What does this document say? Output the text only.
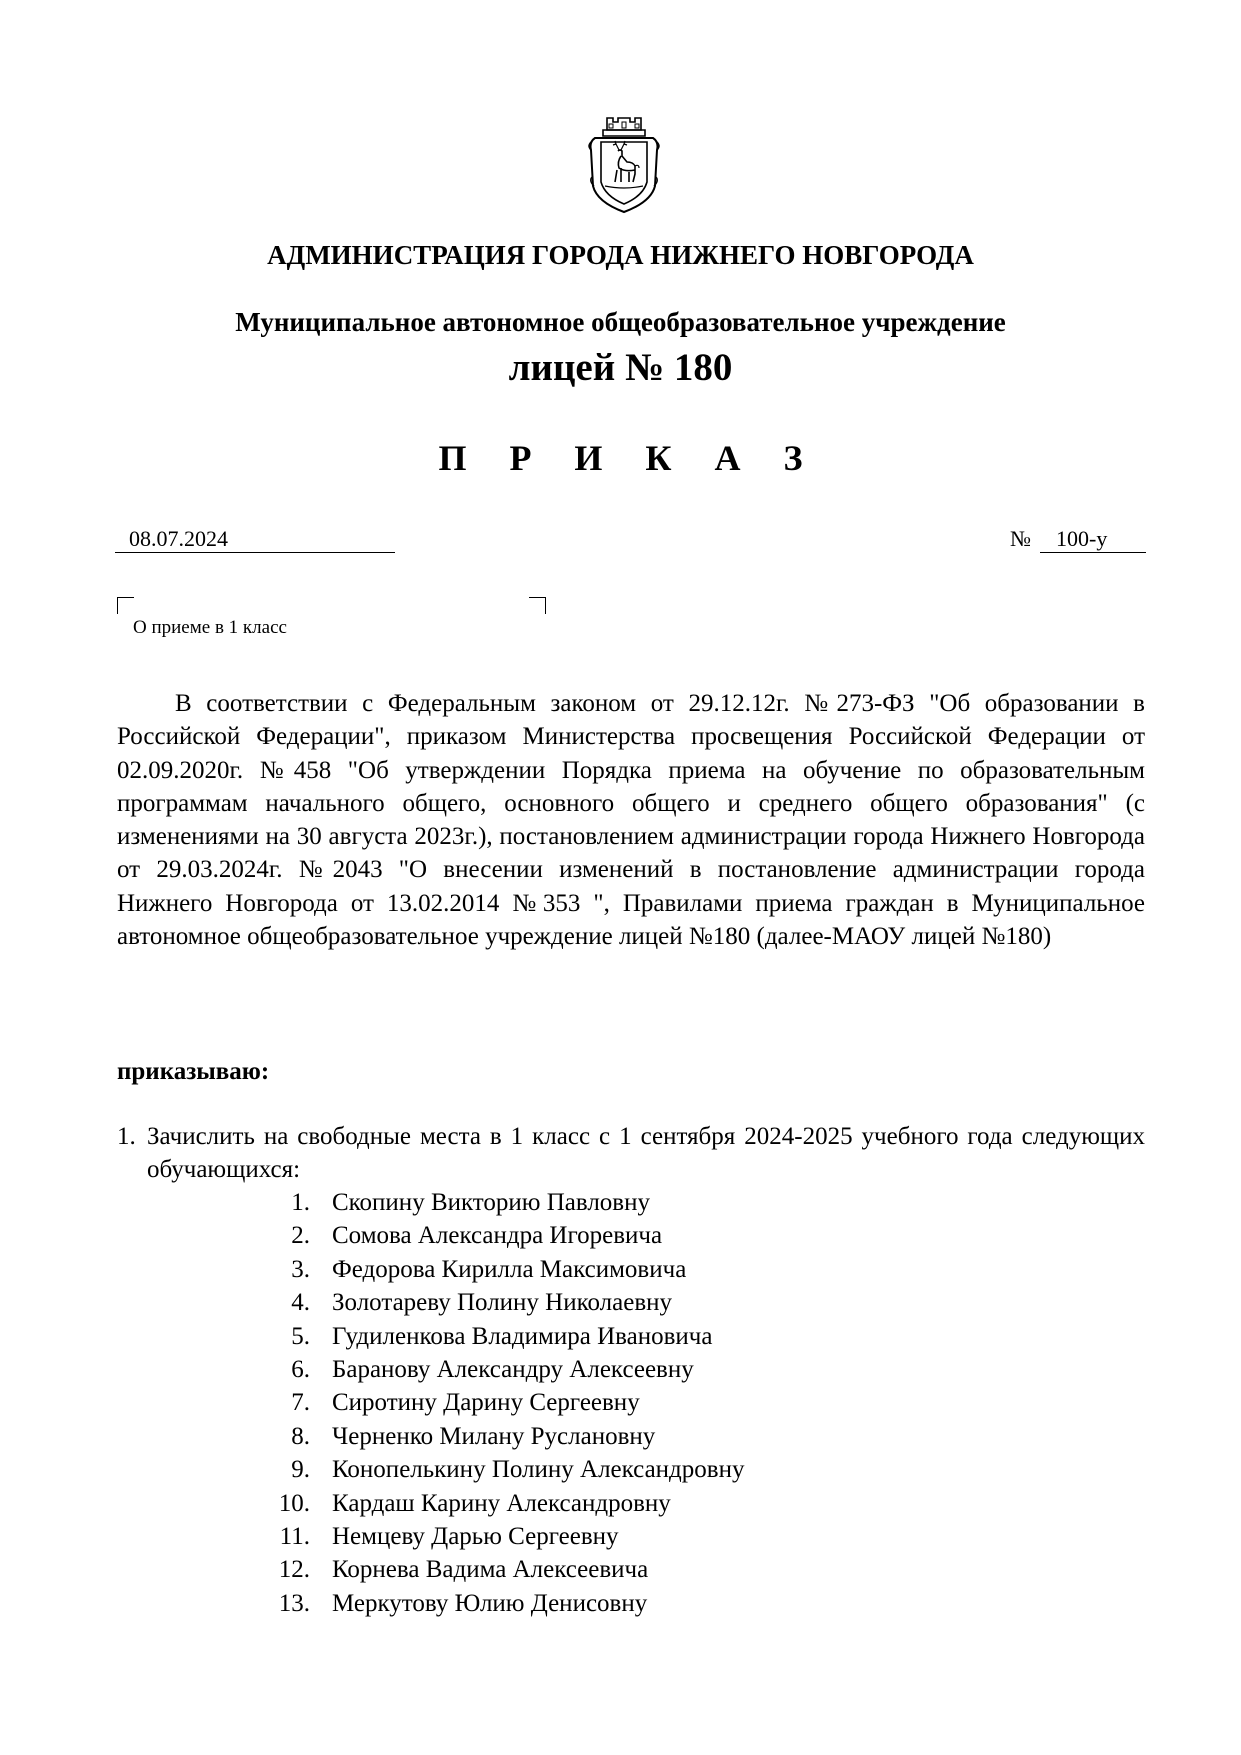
АДМИНИСТРАЦИЯ ГОРОДА НИЖНЕГО НОВГОРОДА
Муниципальное автономное общеобразовательное учреждение
лицей № 180
П Р И К А З
08.07.2024	№	100-у
О приеме в 1 класс

В соответствии с Федеральным законом от 29.12.12г. №273-ФЗ "Об образовании в Российской Федерации", приказом Министерства просвещения Российской Федерации от 02.09.2020г. №458 "Об утверждении Порядка приема на обучение по образовательным программам начального общего, основного общего и среднего общего образования" (с изменениями на 30 августа 2023г.), постановлением администрации города Нижнего Новгорода от 29.03.2024г. №2043 "О внесении изменений в постановление администрации города Нижнего Новгорода от 13.02.2014 №353 ", Правилами приема граждан в Муниципальное автономное общеобразовательное учреждение лицей №180 (далее-МАОУ лицей №180)

приказываю:
1. Зачислить на свободные места в 1 класс с 1 сентября 2024-2025 учебного года следующих обучающихся:

1. Скопину Викторию Павловну
2. Сомова Александра Игоревича
3. Федорова Кирилла Максимовича
4. Золотареву Полину Николаевну
5. Гудиленкова Владимира Ивановича
6. Баранову Александру Алексеевну
7. Сиротину Дарину Сергеевну
8. Черненко Милану Руслановну
9. Конопелькину Полину Александровну
10. Кардаш Карину Александровну
11. Немцеву Дарью Сергеевну
12. Корнева Вадима Алексеевича
13. Меркутову Юлию Денисовну
